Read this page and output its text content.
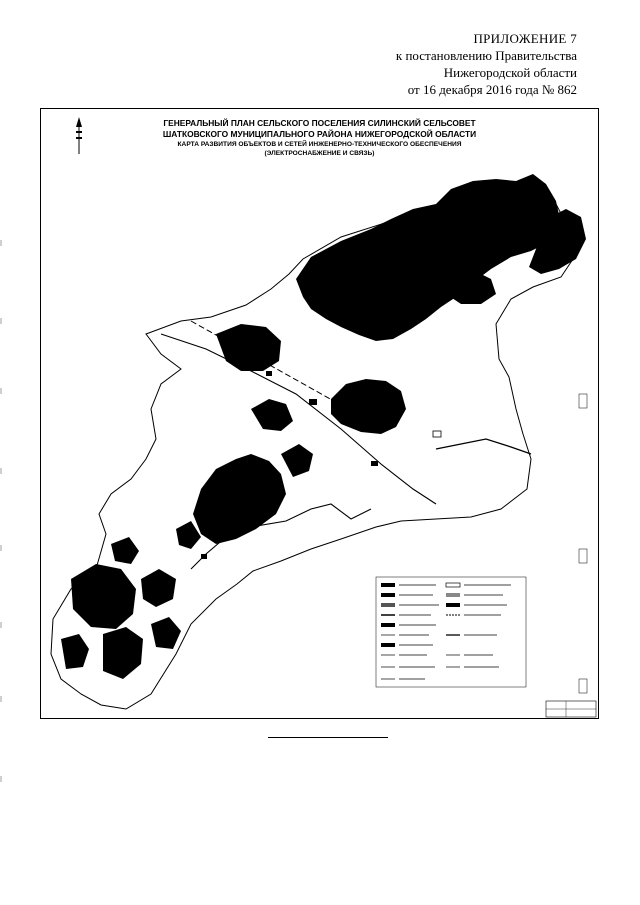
ПРИЛОЖЕНИЕ 7
к постановлению Правительства
Нижегородской области
от 16 декабря 2016 года № 862
ГЕНЕРАЛЬНЫЙ ПЛАН СЕЛЬСКОГО ПОСЕЛЕНИЯ СИЛИНСКИЙ СЕЛЬСОВЕТ
ШАТКОВСКОГО МУНИЦИПАЛЬНОГО РАЙОНА НИЖЕГОРОДСКОЙ ОБЛАСТИ
КАРТА РАЗВИТИЯ ОБЪЕКТОВ И СЕТЕЙ ИНЖЕНЕРНО-ТЕХНИЧЕСКОГО ОБЕСПЕЧЕНИЯ
(ЭЛЕКТРОСНАБЖЕНИЕ И СВЯЗЬ)
